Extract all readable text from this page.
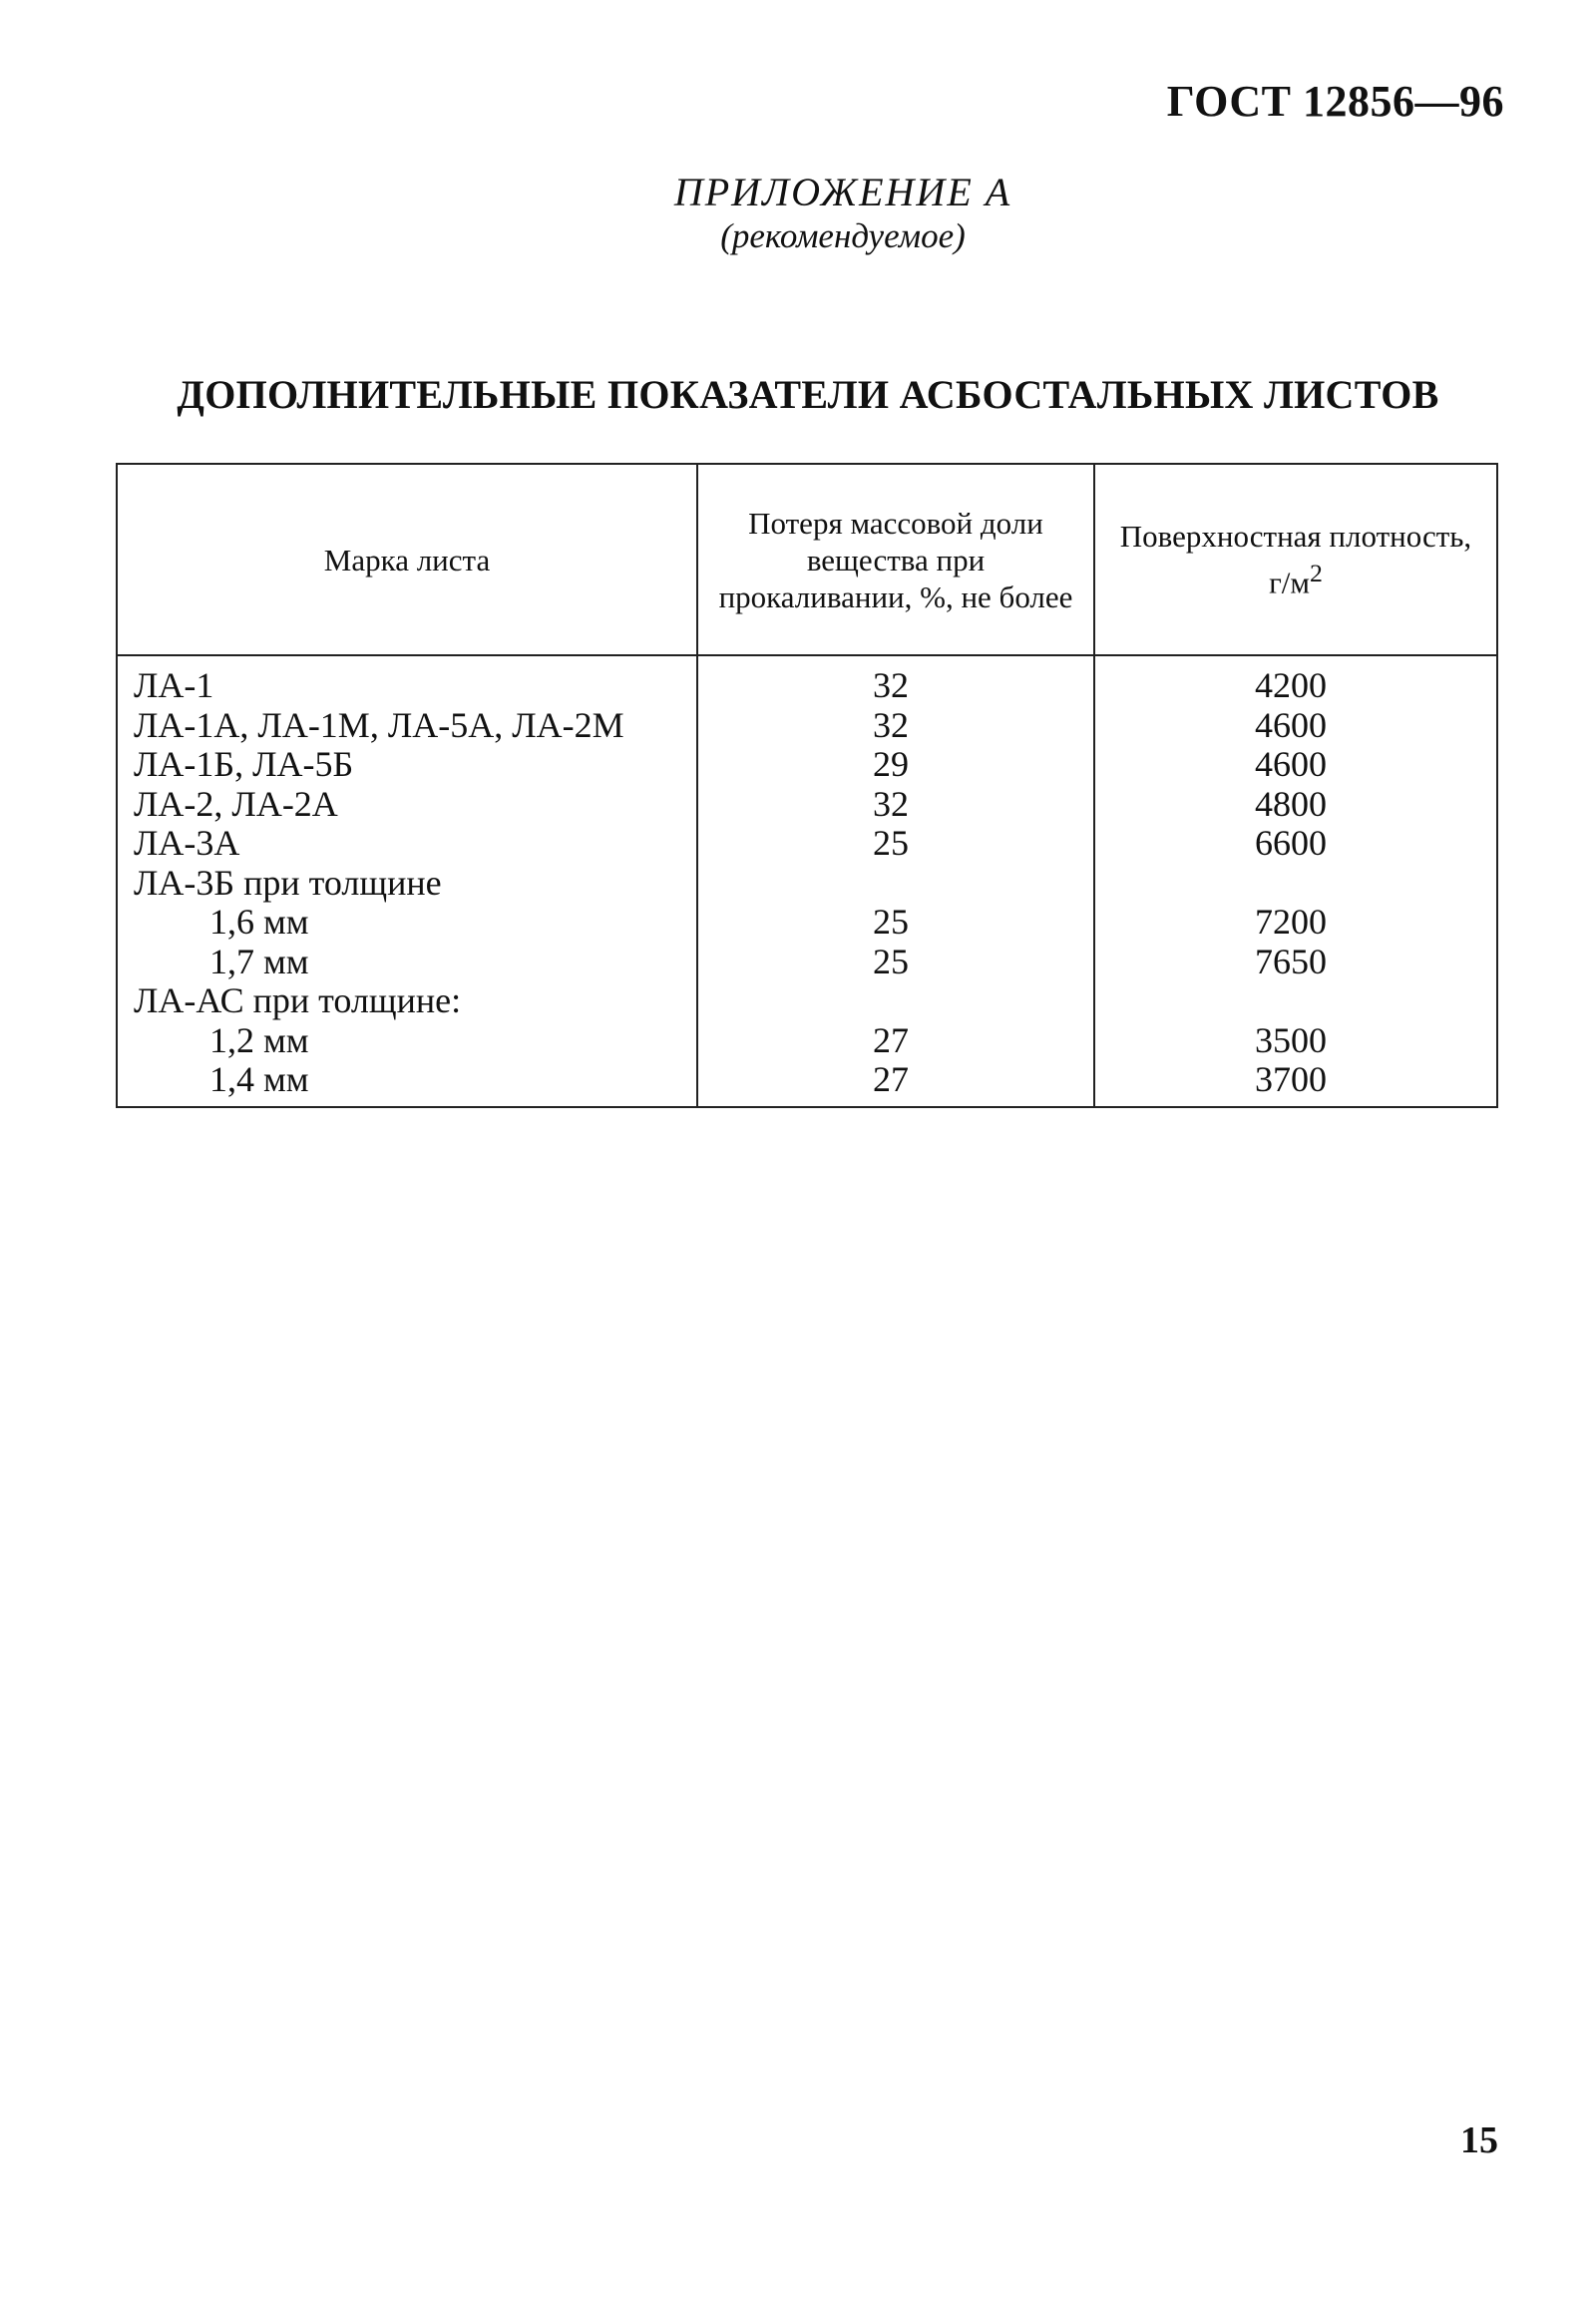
ГОСТ 12856—96
ПРИЛОЖЕНИЕ А
(рекомендуемое)
ДОПОЛНИТЕЛЬНЫЕ ПОКАЗАТЕЛИ АСБОСТАЛЬНЫХ ЛИСТОВ
Марка листа	Потеря массовой доли вещества при прокаливании, %, не более	Поверхностная плотность, $г/м^2$
ЛА-1	32	4200
ЛА-1А, ЛА-1М, ЛА-5А, ЛА-2М	32	4600
ЛА-1Б, ЛА-5Б	29	4600
ЛА-2, ЛА-2А	32	4800
ЛА-3А	25	6600
ЛА-3Б при толщине		
1,6 мм	25	7200
1,7 мм	25	7650
ЛА-АС при толщине:		
1,2 мм	27	3500
1,4 мм	27	3700
15
